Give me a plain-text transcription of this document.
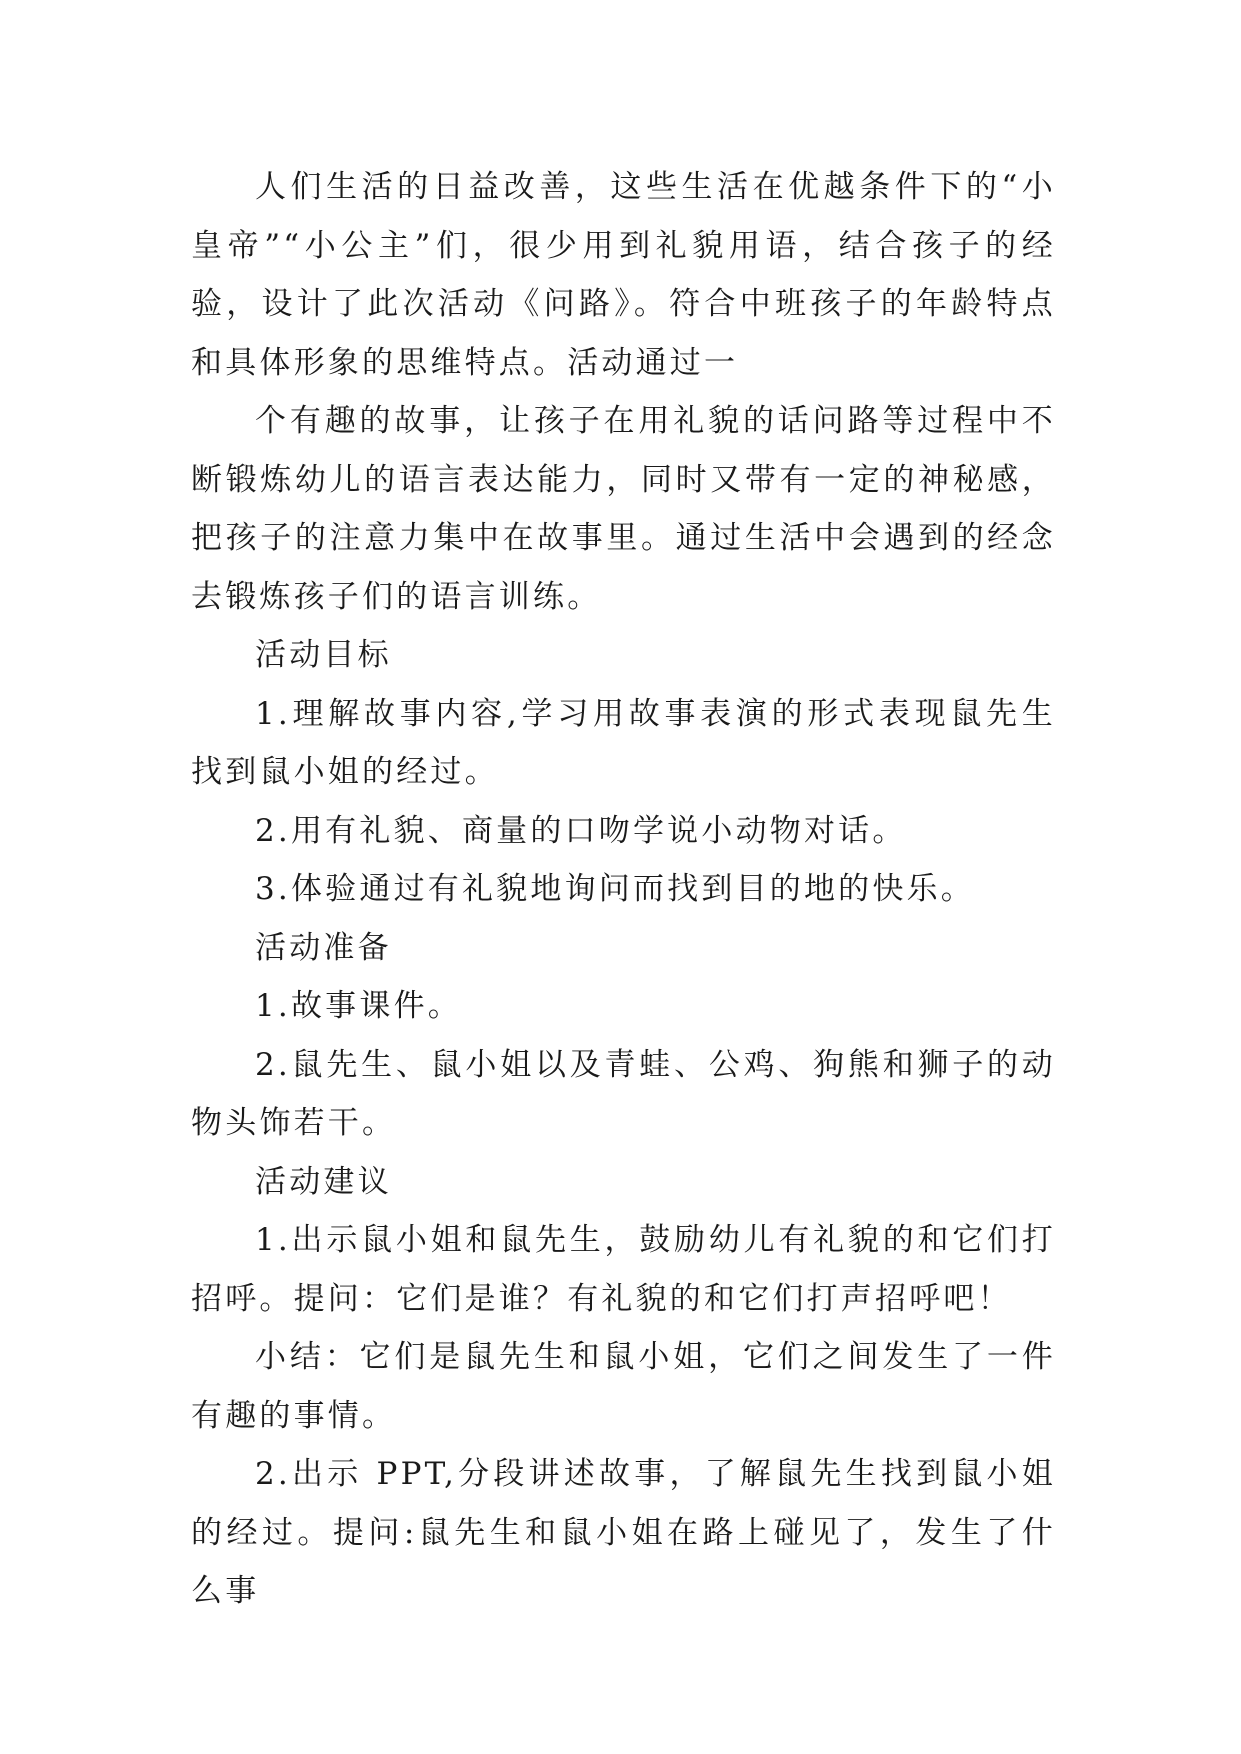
人们生活的日益改善，这些生活在优越条件下的“小皇帝”“小公主”们，很少用到礼貌用语，结合孩子的经验，设计了此次活动《问路》。符合中班孩子的年龄特点和具体形象的思维特点。活动通过一

个有趣的故事，让孩子在用礼貌的话问路等过程中不断锻炼幼儿的语言表达能力，同时又带有一定的神秘感，把孩子的注意力集中在故事里。通过生活中会遇到的经念去锻炼孩子们的语言训练。

活动目标

1.理解故事内容,学习用故事表演的形式表现鼠先生找到鼠小姐的经过。

2.用有礼貌、商量的口吻学说小动物对话。

3.体验通过有礼貌地询问而找到目的地的快乐。

活动准备

1.故事课件。

2.鼠先生、鼠小姐以及青蛙、公鸡、狗熊和狮子的动物头饰若干。

活动建议

1.出示鼠小姐和鼠先生，鼓励幼儿有礼貌的和它们打招呼。提问：它们是谁？有礼貌的和它们打声招呼吧！

小结：它们是鼠先生和鼠小姐，它们之间发生了一件有趣的事情。

2.出示 PPT,分段讲述故事，了解鼠先生找到鼠小姐的经过。提问:鼠先生和鼠小姐在路上碰见了，发生了什么事
